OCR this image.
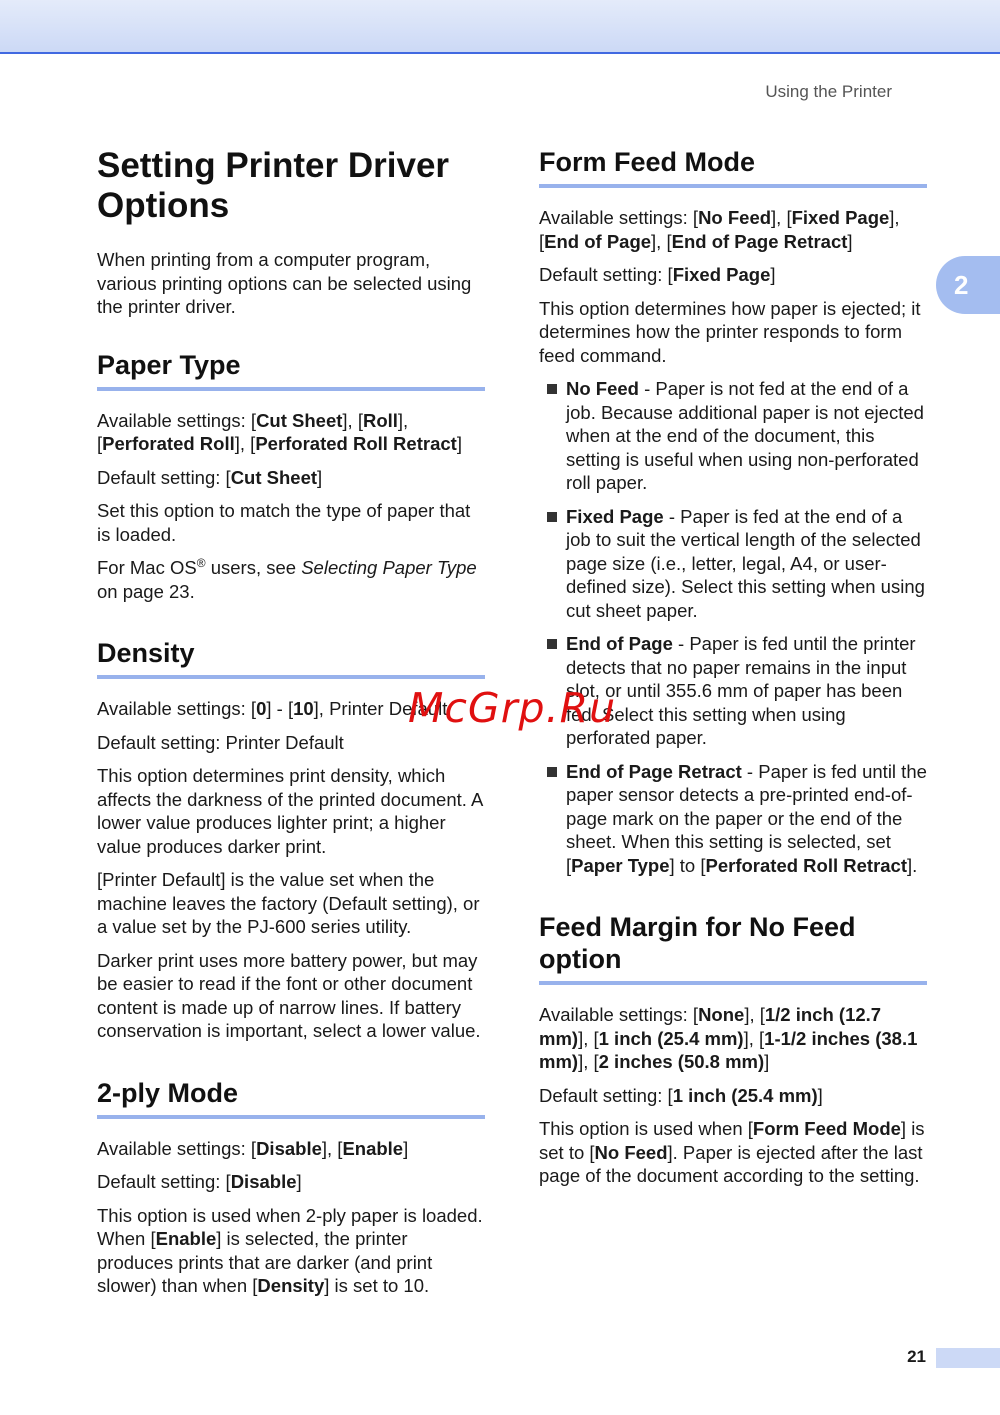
Using the Printer
2
Setting Printer Driver Options

When printing from a computer program, various printing options can be selected using the printer driver.

Paper Type

Available settings: [Cut Sheet], [Roll], [Perforated Roll], [Perforated Roll Retract]

Default setting: [Cut Sheet]

Set this option to match the type of paper that is loaded.

For Mac OS® users, see Selecting Paper Type on page 23.

Density

Available settings: [0] - [10], Printer Default

Default setting: Printer Default

This option determines print density, which affects the darkness of the printed document. A lower value produces lighter print; a higher value produces darker print.

[Printer Default] is the value set when the machine leaves the factory (Default setting), or a value set by the PJ-600 series utility.

Darker print uses more battery power, but may be easier to read if the font or other document content is made up of narrow lines. If battery conservation is important, select a lower value.

2-ply Mode

Available settings: [Disable], [Enable]

Default setting: [Disable]

This option is used when 2-ply paper is loaded. When [Enable] is selected, the printer produces prints that are darker (and print slower) than when [Density] is set to 10.

Form Feed Mode

Available settings: [No Feed], [Fixed Page], [End of Page], [End of Page Retract]

Default setting: [Fixed Page]

This option determines how paper is ejected; it determines how the printer responds to form feed command.

No Feed - Paper is not fed at the end of a job. Because additional paper is not ejected when at the end of the document, this setting is useful when using non-perforated roll paper.
Fixed Page - Paper is fed at the end of a job to suit the vertical length of the selected page size (i.e., letter, legal, A4, or user-defined size). Select this setting when using cut sheet paper.
End of Page - Paper is fed until the printer detects that no paper remains in the input slot, or until 355.6 mm of paper has been fed. Select this setting when using perforated paper.
End of Page Retract - Paper is fed until the paper sensor detects a pre-printed end-of-page mark on the paper or the end of the sheet. When this setting is selected, set [Paper Type] to [Perforated Roll Retract].
Feed Margin for No Feed option

Available settings: [None], [1/2 inch (12.7 mm)], [1 inch (25.4 mm)], [1-1/2 inches (38.1 mm)], [2 inches (50.8 mm)]

Default setting: [1 inch (25.4 mm)]

This option is used when [Form Feed Mode] is set to [No Feed]. Paper is ejected after the last page of the document according to the setting.

McGrp.Ru
21
